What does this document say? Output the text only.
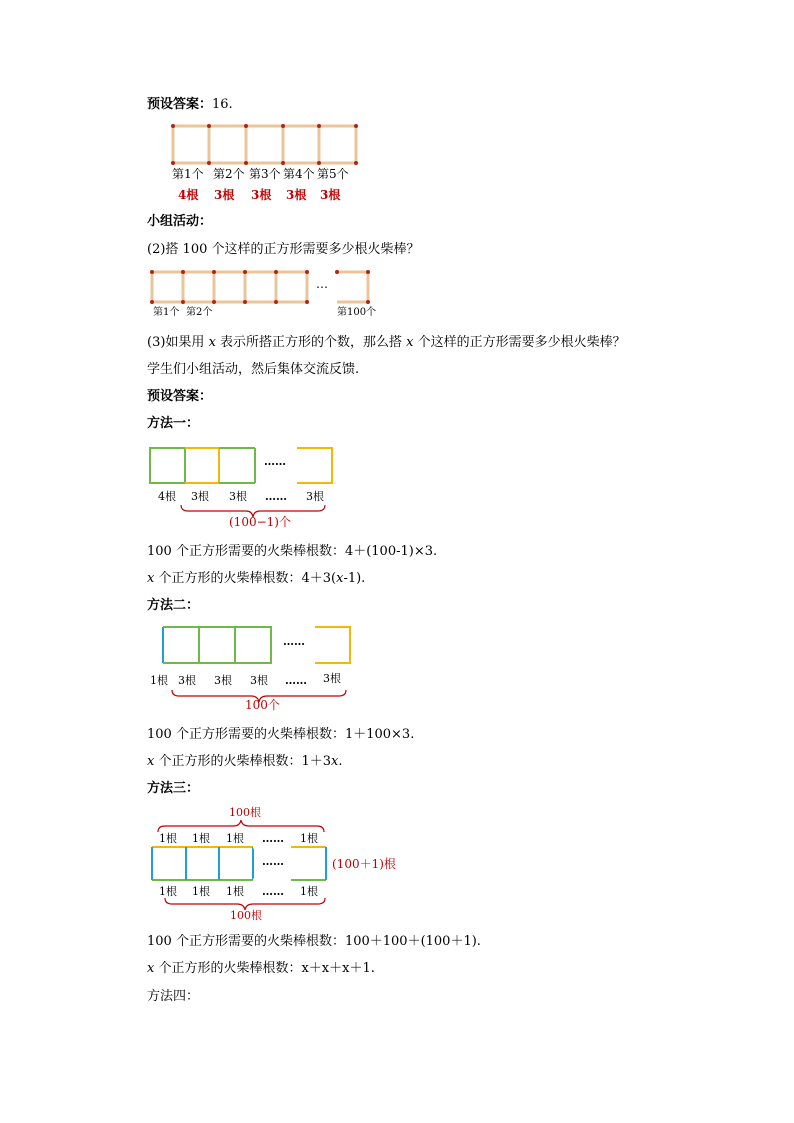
预设答案：16.
第1个 第2个 第3个 第4个 第5个
4根 3根 3根 3根 3根
小组活动：
(2)搭 100 个这样的正方形需要多少根火柴棒？
…
第1个 第2个	第100个
(3)如果用 x 表示所搭正方形的个数，那么搭 x 个这样的正方形需要多少根火柴棒？
学生们小组活动，然后集体交流反馈.
预设答案：
方法一：
……
4根 3根 3根 …… 3根
(100−1)个
100 个正方形需要的火柴棒根数：4＋(100-1)×3.
x 个正方形的火柴棒根数：4＋3(x-1).
方法二：
……
1根 3根 3根 3根 …… 3根
100个
100 个正方形需要的火柴棒根数：1＋100×3.
x 个正方形的火柴棒根数：1＋3x.
方法三：
100根
1根 1根 1根 …… 1根
……	(100＋1)根
1根 1根 1根 …… 1根
100根
100 个正方形需要的火柴棒根数：100＋100＋(100＋1).
x 个正方形的火柴棒根数：x＋x＋x＋1.
方法四：
